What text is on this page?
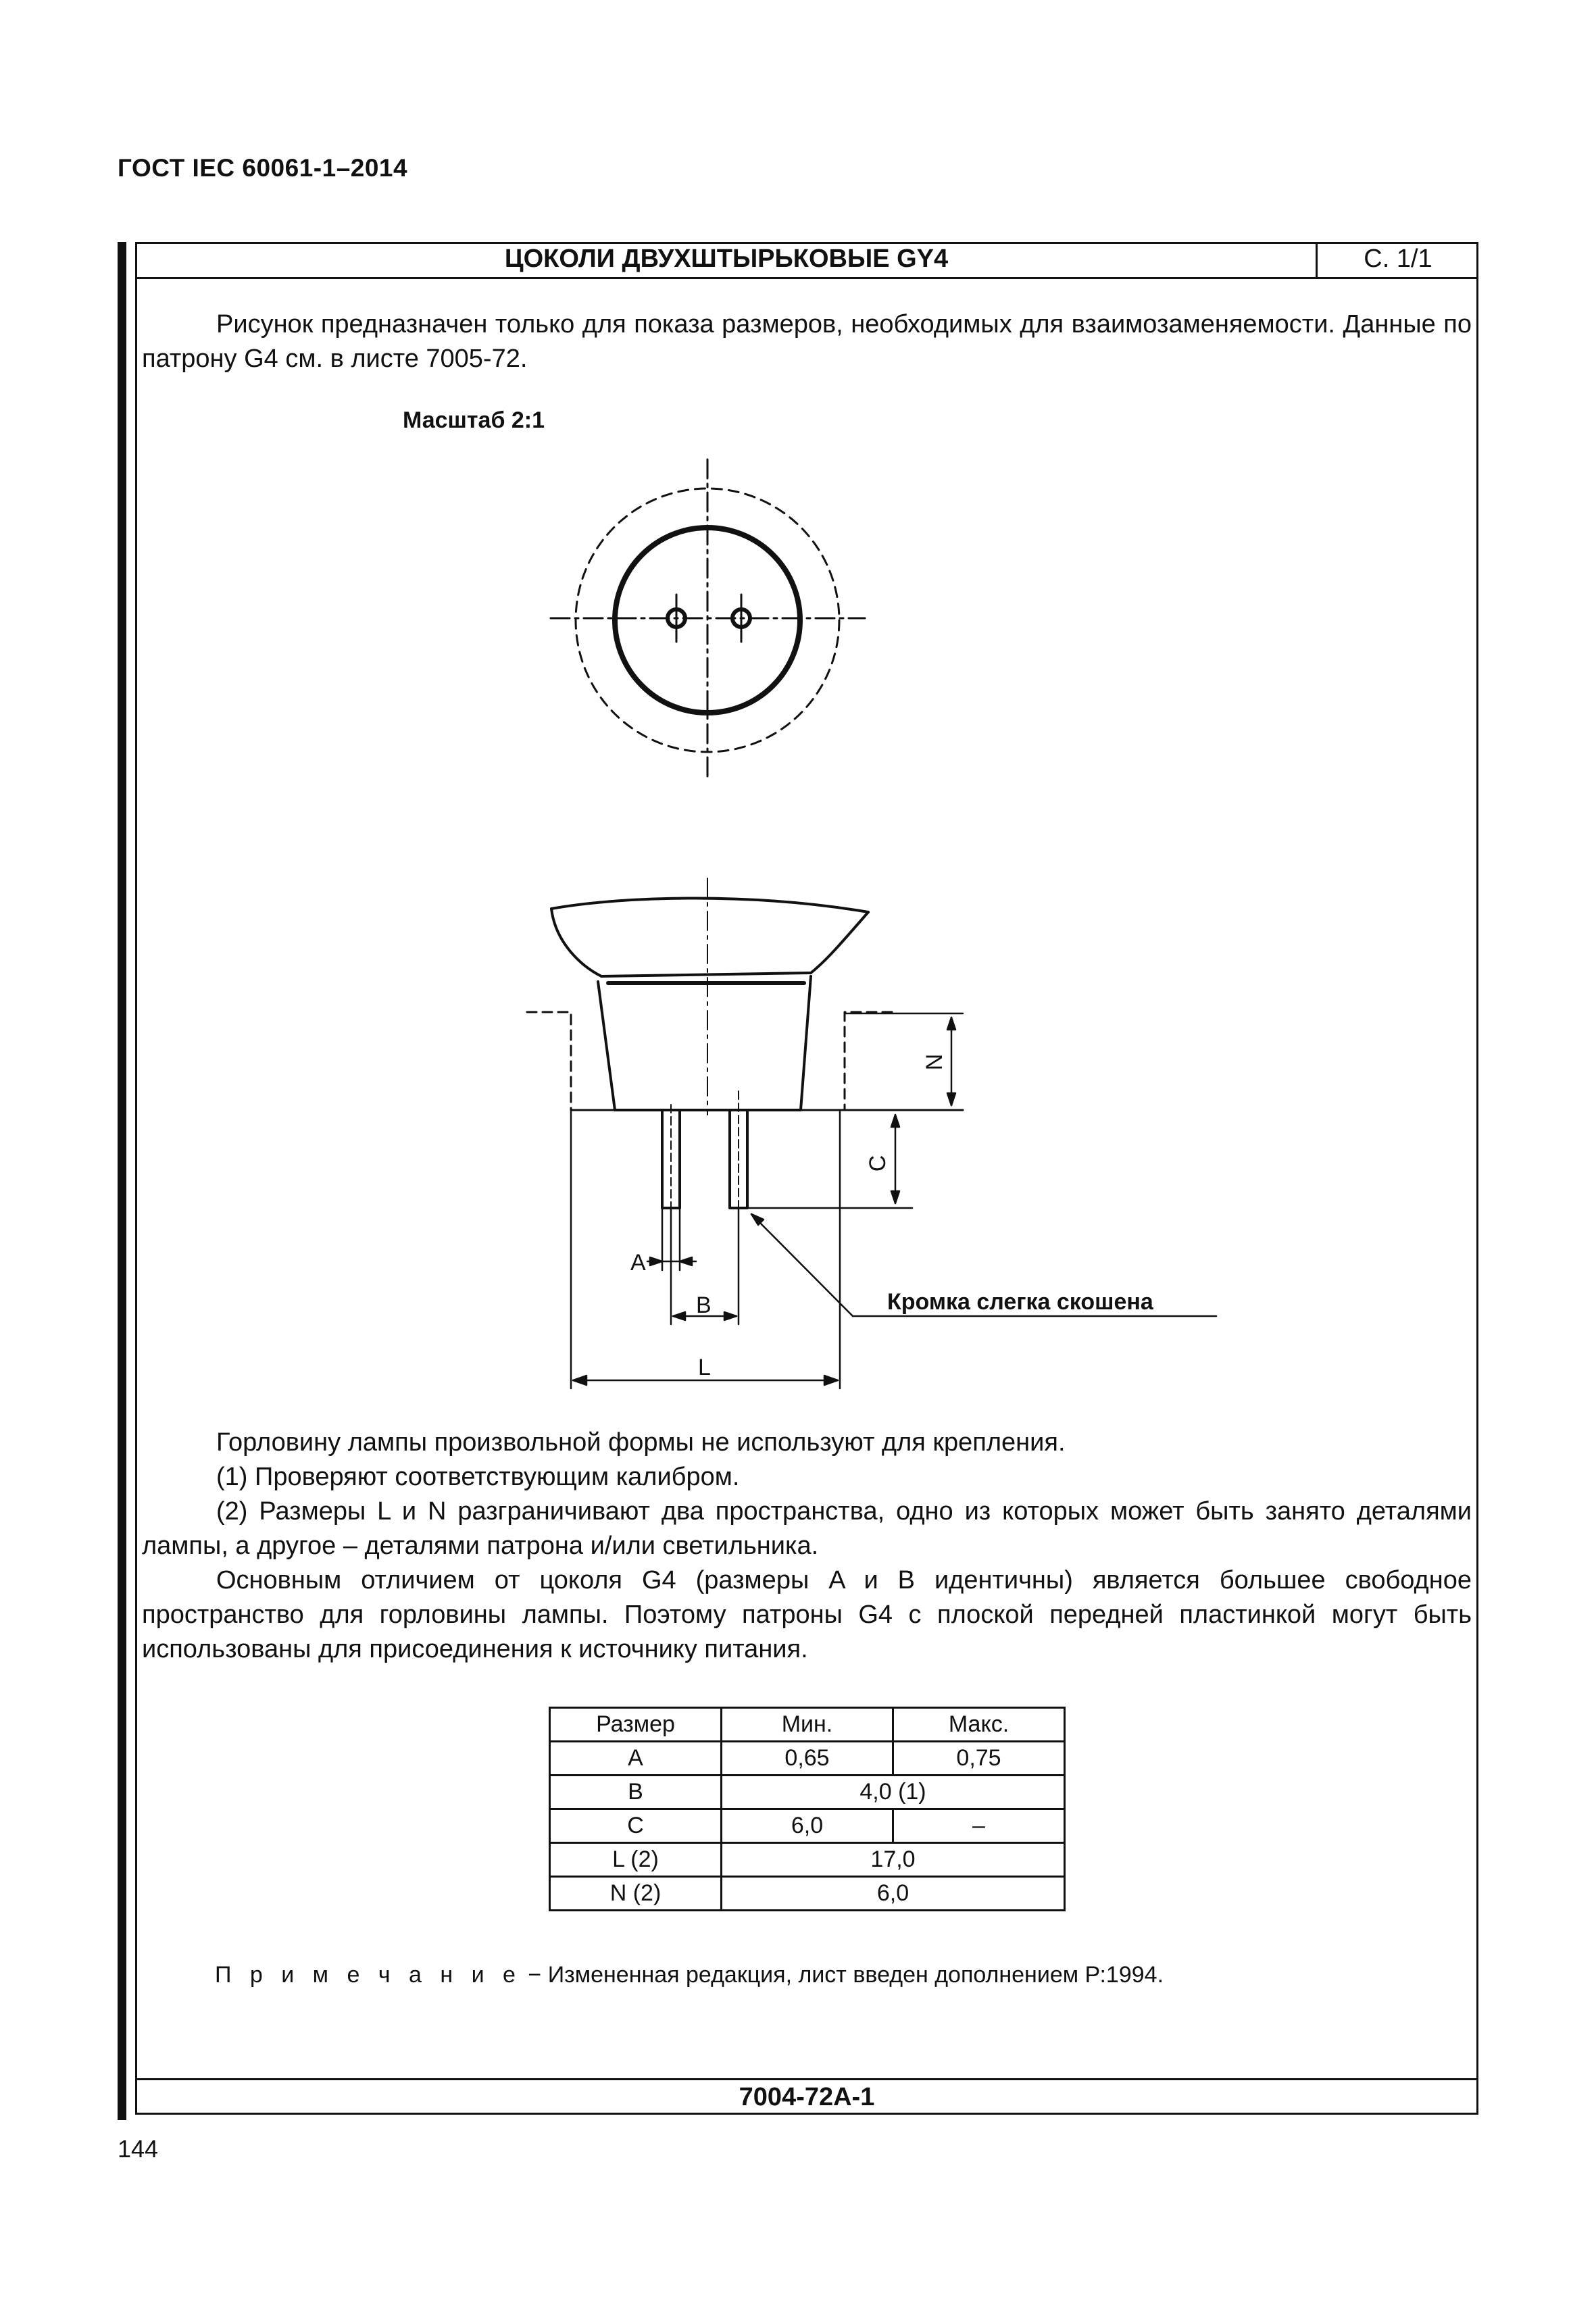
ГОСТ IEC 60061-1–2014
ЦОКОЛИ ДВУХШТЫРЬКОВЫЕ GY4	С. 1/1
Рисунок предназначен только для показа размеров, необходимых для взаимозаменяемости. Данные по патрону G4 см. в листе 7005-72.
Масштаб 2:1
A
B
L
C
N
Кромка слегка скошена

Горловину лампы произвольной формы не используют для крепления.

(1) Проверяют соответствующим калибром.

(2) Размеры L и N разграничивают два пространства, одно из которых может быть занято деталями лампы, а другое – деталями патрона и/или светильника.

Основным отличием от цоколя G4 (размеры A и B идентичны) является большее свободное пространство для горловины лампы. Поэтому патроны G4 с плоской передней пластинкой могут быть использованы для присоединения к источнику питания.

Размер	Мин.	Макс.
A	0,65	0,75
B	4,0 (1)	
C	6,0	–
L (2)	17,0	
N (2)	6,0	
П р и м е ч а н и е − Измененная редакция, лист введен дополнением Р:1994.
7004-72A-1
144
